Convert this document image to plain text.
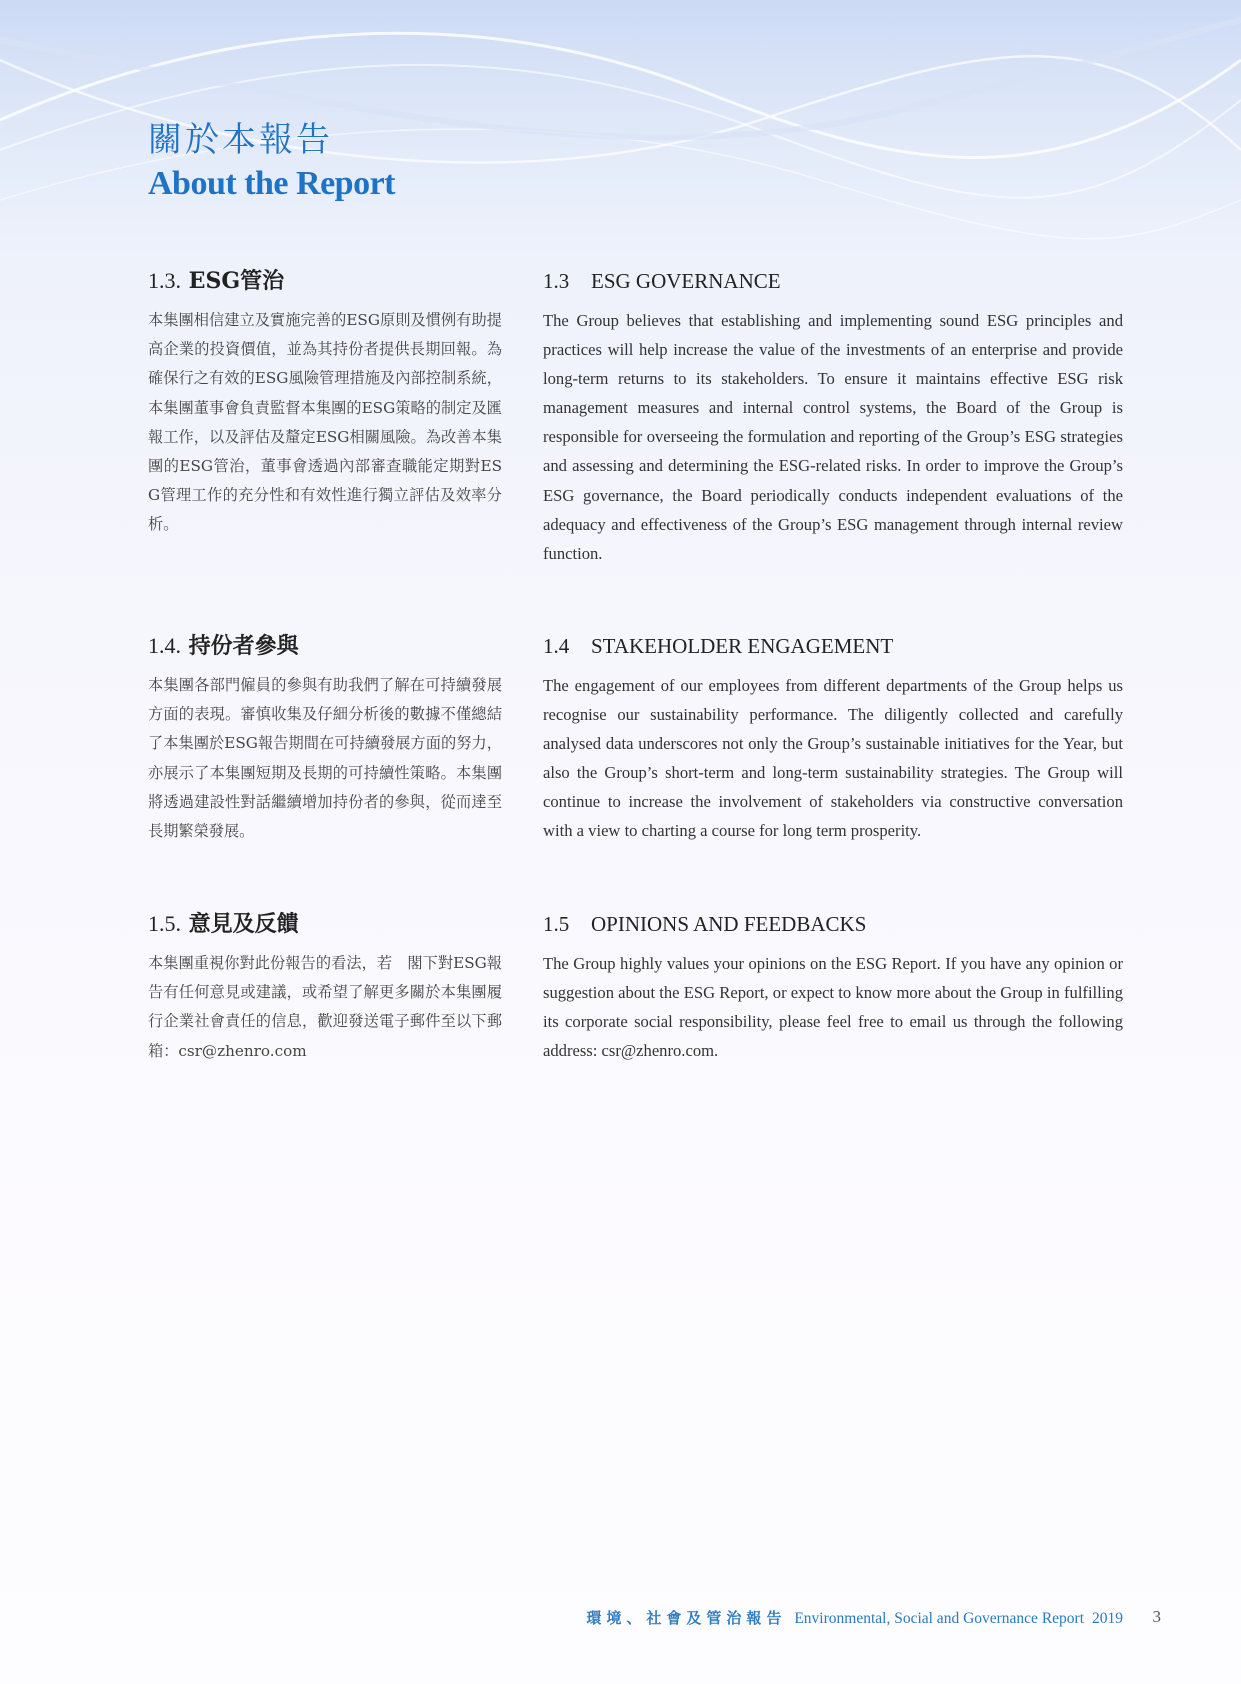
關於本報告
About the Report
1.3. ESG管治
本集團相信建立及實施完善的ESG原則及慣例有助提高企業的投資價值，並為其持份者提供長期回報。為確保行之有效的ESG風險管理措施及內部控制系統，本集團董事會負責監督本集團的ESG策略的制定及匯報工作，以及評估及釐定ESG相關風險。為改善本集團的ESG管治，董事會透過內部審查職能定期對ESG管理工作的充分性和有效性進行獨立評估及效率分析。
1.3 ESG GOVERNANCE
The Group believes that establishing and implementing sound ESG principles and practices will help increase the value of the investments of an enterprise and provide long-term returns to its stakeholders. To ensure it maintains effective ESG risk management measures and internal control systems, the Board of the Group is responsible for overseeing the formulation and reporting of the Group’s ESG strategies and assessing and determining the ESG-related risks. In order to improve the Group’s ESG governance, the Board periodically conducts independent evaluations of the adequacy and effectiveness of the Group’s ESG management through internal review function.
1.4. 持份者參與
本集團各部門僱員的參與有助我們了解在可持續發展方面的表現。審慎收集及仔細分析後的數據不僅總結了本集團於ESG報告期間在可持續發展方面的努力，亦展示了本集團短期及長期的可持續性策略。本集團將透過建設性對話繼續增加持份者的參與，從而達至長期繁榮發展。
1.4 STAKEHOLDER ENGAGEMENT
The engagement of our employees from different departments of the Group helps us recognise our sustainability performance. The diligently collected and carefully analysed data underscores not only the Group’s sustainable initiatives for the Year, but also the Group’s short-term and long-term sustainability strategies. The Group will continue to increase the involvement of stakeholders via constructive conversation with a view to charting a course for long term prosperity.
1.5. 意見及反饋
本集團重視你對此份報告的看法，若　閣下對ESG報告有任何意見或建議，或希望了解更多關於本集團履行企業社會責任的信息，歡迎發送電子郵件至以下郵箱：csr@zhenro.com
1.5 OPINIONS AND FEEDBACKS
The Group highly values your opinions on the ESG Report. If you have any opinion or suggestion about the ESG Report, or expect to know more about the Group in fulfilling its corporate social responsibility, please feel free to email us through the following address: csr@zhenro.com.
環境、社會及管治報告 Environmental, Social and Governance Report 2019 3
